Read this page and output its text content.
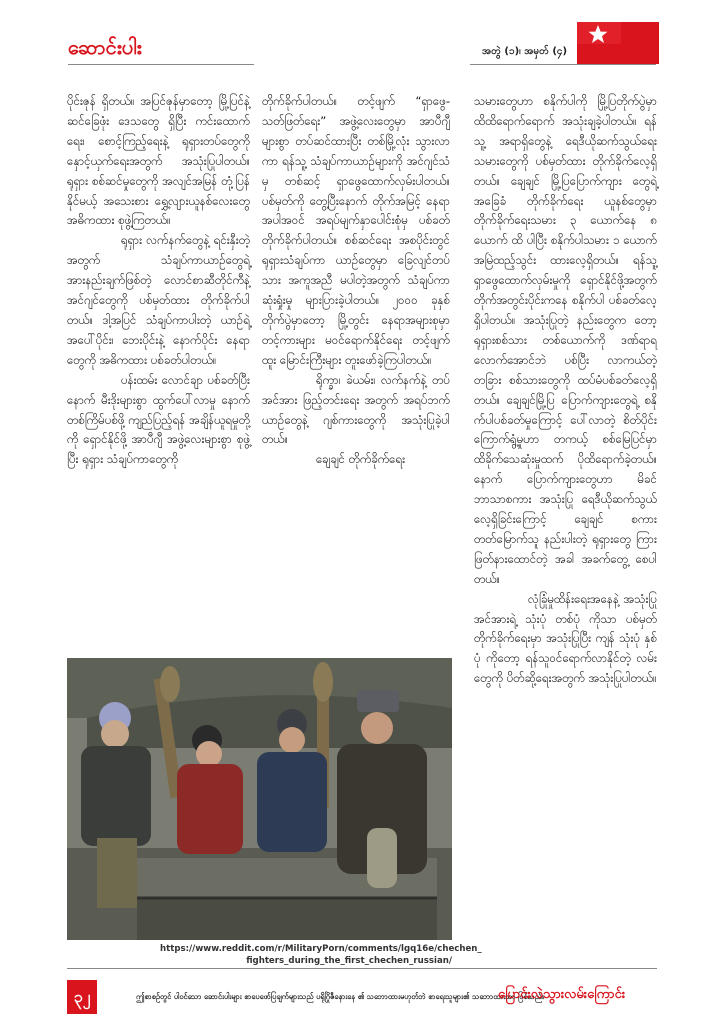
ဆောင်းပါး	အတွဲ (၁)၊ အမှတ် (၄)

ပိုင်းဇုန် ရှိတယ်။ အပြင်ဇုန်မှာတော့ မြို့ပြင်နဲ့ ဆင်ခြေဖုံး ဒေသတွေ ရှိပြီး ကင်းထောက်ရေး၊ စောင့်ကြည့်ရေးနဲ့ ရုရှားတပ်တွေကို နှောင့်ယှက်ရေးအတွက် အသုံးပြုပါတယ်။ ရုရှား စစ်ဆင်မှုတွေကို အလျင်အမြန် တုံ့ပြန်နိုင်မယ့် အသေးစား ရွှေ့လျားယူနစ်လေးတွေ အဓိကထား စုဖွဲ့ကြတယ်။

ရုရှား လက်နက်တွေနဲ့ ရင်းနှီးတဲ့အတွက် သံချပ်ကာယာဉ်တွေရဲ့ အားနည်းချက်ဖြစ်တဲ့ လောင်စာဆီတိုင်ကီနဲ့ အင်ဂျင်တွေကို ပစ်မှတ်ထား တိုက်ခိုက်ပါတယ်။ ဒါ့အပြင် သံချပ်ကာပါးတဲ့ ယာဉ်ရဲ့ အပေါ်ပိုင်း၊ ဘေးပိုင်းနဲ့ နောက်ပိုင်း နေရာတွေကို အဓိကထား ပစ်ခတ်ပါတယ်။

ပန်းထမ်း လောင်ချာ ပစ်ခတ်ပြီးနောက် မီးဒိုးများစွာ ထွက်ပေါ်လာမှု နောက်တစ်ကြိမ်ပစ်ဖို့ ကျည်ပြည့်ရန် အချိန်ယူရမှုတို့ကို ရှောင်နိုင်ဖို့ အာပီဂျီ အဖွဲ့လေးများစွာ စုဖွဲ့ပြီး ရုရှား သံချပ်ကာတွေကို

တိုက်ခိုက်ပါတယ်။ တင့်ဖျက် “ရှာဖွေ-သတ်ဖြတ်ရေး” အဖွဲ့လေးတွေမှာ အာပီဂျီ များစွာ တပ်ဆင်ထားပြီး တစ်မြို့လုံး သွားလာကာ ရန်သူ့ သံချပ်ကာယာဉ်များကို အင်ဂျင်သံမှ တစ်ဆင့် ရှာဖွေထောက်လှမ်းပါတယ်။ ပစ်မှတ်ကို တွေ့ပြီးနောက် တိုက်အမြင့် နေရာ အပါအဝင် အရပ်မျက်နှာပေါင်းစုံမှ ပစ်ခတ် တိုက်ခိုက်ပါတယ်။ စစ်ဆင်ရေး အစပိုင်းတွင် ရုရှားသံချပ်ကာ ယာဉ်တွေမှာ ခြေလျင်တပ်သား အကူအညီ မပါတဲ့အတွက် သံချပ်ကာ ဆုံးရှုံးမှု များပြားခဲ့ပါတယ်။ ၂၀၀၀ ခုနှစ် တိုက်ပွဲမှာတော့ မြို့တွင်း နေရာအများစုမှာ တင့်ကားများ မဝင်ရောက်နိုင်ရေး တင့်ဖျက် ထူး မြောင်းကြီးများ တူးဖော်ခဲ့ကြပါတယ်။

ရိုက္ခာ၊ ခဲယမ်း၊ လက်နက်နဲ့ တပ်အင်အား ဖြည့်တင်းရေး အတွက် အရပ်ဘက် ယာဉ်တွေနဲ့ ဂျစ်ကားတွေကို အသုံးပြုခဲ့ပါတယ်။

ချေချင် တိုက်ခိုက်ရေး

သမားတွေဟာ စနိုက်ပါကို မြို့ပြတိုက်ပွဲမှာ ထိထိရောက်ရောက် အသုံးချခဲ့ပါတယ်။ ရန်သူ့ အရာရှိတွေနဲ့ ရေဒီယိုဆက်သွယ်ရေးသမားတွေကို ပစ်မှတ်ထား တိုက်ခိုက်လေ့ရှိတယ်။ ချေချင် မြို့ပြပြောက်ကျား တွေရဲ့ အခြေခံ တိုက်ခိုက်ရေး ယူနစ်တွေမှာ တိုက်ခိုက်ရေးသမား ၃ ယောက်နေ ၈ ယောက် ထိ ပါပြီး စနိုက်ပါသမား ၁ ယောက် အမြဲထည့်သွင်း ထားလေ့ရှိတယ်။ ရန်သူ့ ရှာဖွေထောက်လှမ်းမှုကို ရှောင်နိုင်ဖို့အတွက် တိုက်အတွင်းပိုင်းကနေ စနိုက်ပါ ပစ်ခတ်လေ့ရှိပါတယ်။ အသုံးပြုတဲ့ နည်းတွေက တော့ ရုရှားစစ်သား တစ်ယောက်ကို ဒဏ်ရာရလောက်အောင်ဘဲ ပစ်ပြီး လာကယ်တဲ့ တခြား စစ်သားတွေကို ထပ်မံပစ်ခတ်လေ့ရှိတယ်။ ချေချင်မြို့ပြ ပြောက်ကျားတွေရဲ့ စနိုက်ပါပစ်ခတ်မှုကြောင့် ပေါ်လာတဲ့ စိတ်ပိုင်း ကြောက်ရွံ့မှုဟာ တကယ့် စစ်မြေပြင်မှာ ထိခိုက်သေဆုံးမှုထက် ပိုထိရောက်ခဲ့တယ်။ နောက် ပြောက်ကျားတွေဟာ မိခင်ဘာသာစကား အသုံးပြု ရေဒီယိုဆက်သွယ်လေ့ရှိခြင်းကြောင့် ချေချင် စကားတတ်မြောက်သူ နည်းပါးတဲ့ ရုရှားတွေ ကြားဖြတ်နားထောင်တဲ့ အခါ အခက်တွေ့ စေပါတယ်။

လုံခြုံမှုထိန်းရေးအနေနဲ့ အသုံးပြု အင်အားရဲ့ သုံးပုံ တစ်ပုံ ကိုသာ ပစ်မှတ် တိုက်ခိုက်ရေးမှာ အသုံးပြုပြီး ကျန် သုံးပုံ နှစ်ပုံ ကိုတော့ ရန်သူဝင်ရောက်လာနိုင်တဲ့ လမ်းတွေကို ပိတ်ဆို့ရေးအတွက် အသုံးပြုပါတယ်။

https://www.reddit.com/r/MilitaryPorn/comments/lgq16e/chechen_
fighters_during_the_first_chechen_russian/
၃၂	ဤစာစဉ်တွင် ပါဝင်သော ဆောင်းပါးများ စာပေဖော်ပြချက်များသည် ပရိုဂြိုဇီခနားနေ ၏ သဘောထားမဟုတ်ဘဲ စာရေးသူများ၏ သဘောထားသာ ဖြစ်သည်။
ပြောင်းလဲသွားလမ်းကြောင်း
